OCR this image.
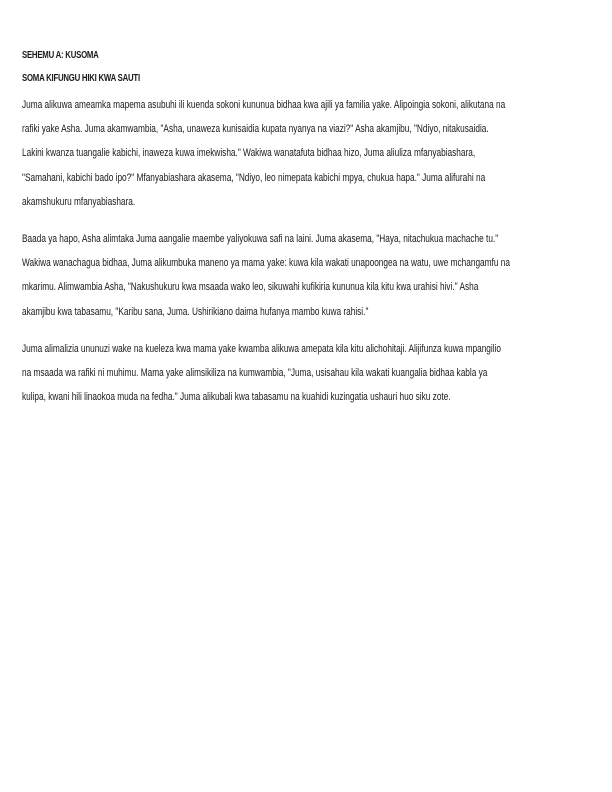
SEHEMU A: KUSOMA

SOMA KIFUNGU HIKI KWA SAUTI

Juma alikuwa ameamka mapema asubuhi ili kuenda sokoni kununua bidhaa kwa ajili ya familia yake. Alipoingia sokoni, alikutana na
rafiki yake Asha. Juma akamwambia, "Asha, unaweza kunisaidia kupata nyanya na viazi?" Asha akamjibu, "Ndiyo, nitakusaidia.
Lakini kwanza tuangalie kabichi, inaweza kuwa imekwisha." Wakiwa wanatafuta bidhaa hizo, Juma aliuliza mfanyabiashara,
"Samahani, kabichi bado ipo?" Mfanyabiashara akasema, "Ndiyo, leo nimepata kabichi mpya, chukua hapa." Juma alifurahi na
akamshukuru mfanyabiashara.

Baada ya hapo, Asha alimtaka Juma aangalie maembe yaliyokuwa safi na laini. Juma akasema, "Haya, nitachukua machache tu."
Wakiwa wanachagua bidhaa, Juma alikumbuka maneno ya mama yake: kuwa kila wakati unapoongea na watu, uwe mchangamfu na
mkarimu. Alimwambia Asha, "Nakushukuru kwa msaada wako leo, sikuwahi kufikiria kununua kila kitu kwa urahisi hivi." Asha
akamjibu kwa tabasamu, "Karibu sana, Juma. Ushirikiano daima hufanya mambo kuwa rahisi."

Juma alimalizia ununuzi wake na kueleza kwa mama yake kwamba alikuwa amepata kila kitu alichohitaji. Alijifunza kuwa mpangilio
na msaada wa rafiki ni muhimu. Mama yake alimsikiliza na kumwambia, "Juma, usisahau kila wakati kuangalia bidhaa kabla ya
kulipa, kwani hili linaokoa muda na fedha." Juma alikubali kwa tabasamu na kuahidi kuzingatia ushauri huo siku zote.
